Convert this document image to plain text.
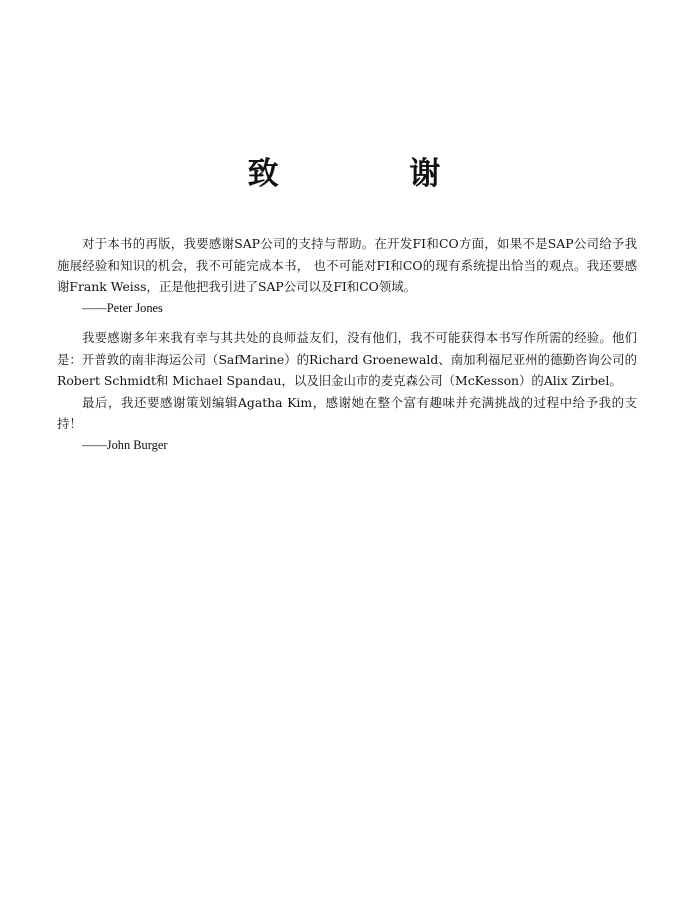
致 谢

对于本书的再版，我要感谢SAP公司的支持与帮助。在开发FI和CO方面，如果不是SAP公司给予我施展经验和知识的机会，我不可能完成本书， 也不可能对FI和CO的现有系统提出恰当的观点。我还要感谢Frank Weiss，正是他把我引进了SAP公司以及FI和CO领域。

——Peter Jones

我要感谢多年来我有幸与其共处的良师益友们，没有他们，我不可能获得本书写作所需的经验。他们是：开普敦的南非海运公司（SafMarine）的Richard Groenewald、南加利福尼亚州的德勤咨询公司的Robert Schmidt和 Michael Spandau，以及旧金山市的麦克森公司（McKesson）的Alix Zirbel。

最后，我还要感谢策划编辑Agatha Kim，感谢她在整个富有趣味并充满挑战的过程中给予我的支持！

——John Burger
